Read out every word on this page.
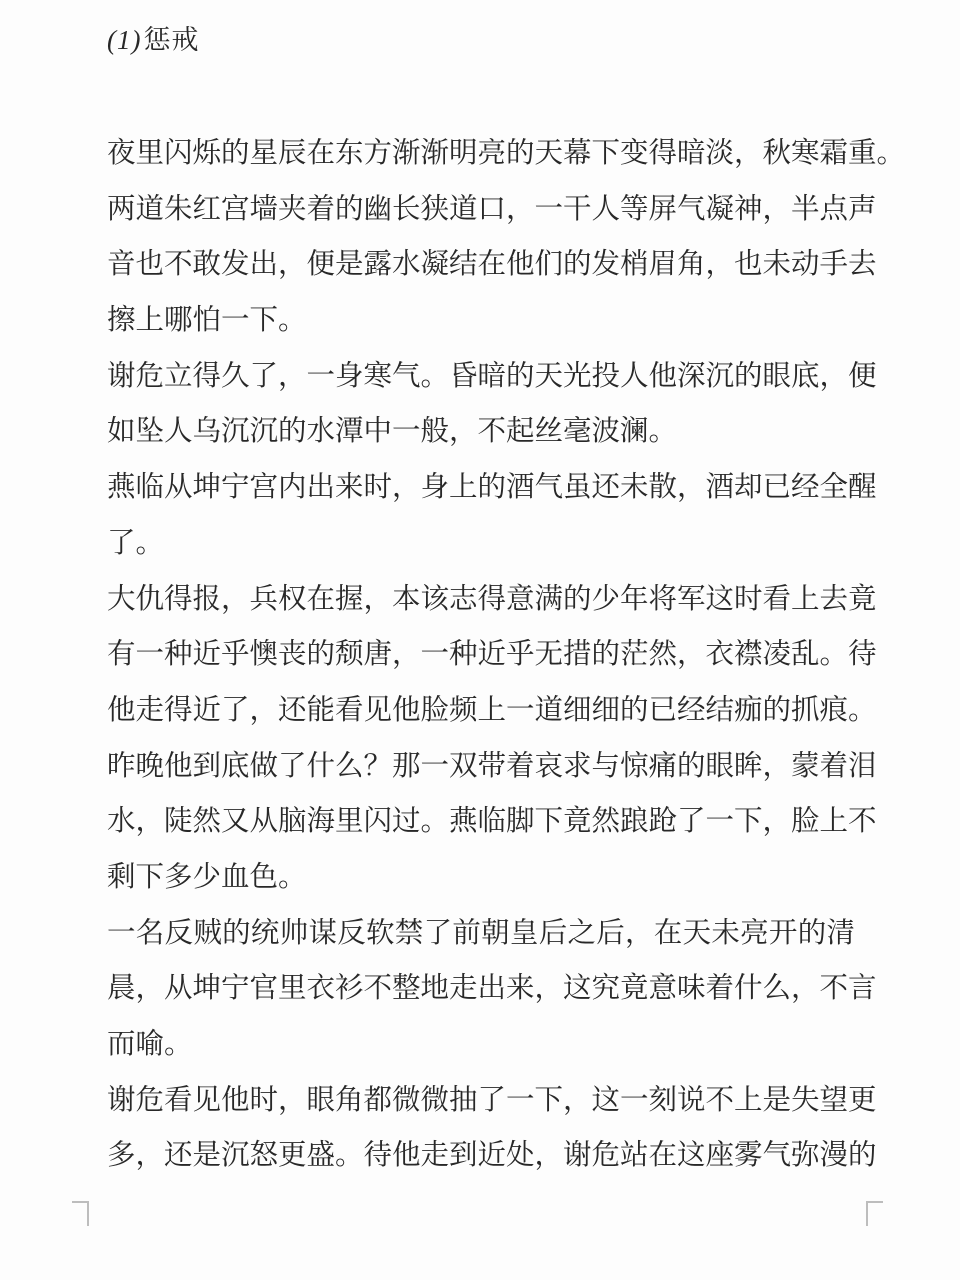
(1)惩戒
夜里闪烁的星辰在东方渐渐明亮的天幕下变得暗淡，秋寒霜重。
两道朱红宫墙夹着的幽长狭道口，一干人等屏气凝神，半点声
音也不敢发出，便是露水凝结在他们的发梢眉角，也未动手去
擦上哪怕一下。
谢危立得久了，一身寒气。昏暗的天光投人他深沉的眼底，便
如坠人乌沉沉的水潭中一般，不起丝毫波澜。
燕临从坤宁宫内出来时，身上的酒气虽还未散，酒却已经全醒
了。
大仇得报，兵权在握，本该志得意满的少年将军这时看上去竟
有一种近乎懊丧的颓唐，一种近乎无措的茫然，衣襟凌乱。待
他走得近了，还能看见他脸频上一道细细的已经结痂的抓痕。
昨晚他到底做了什么？那一双带着哀求与惊痛的眼眸，蒙着泪
水，陡然又从脑海里闪过。燕临脚下竟然踉跄了一下，脸上不
剩下多少血色。
一名反贼的统帅谋反软禁了前朝皇后之后，在天未亮开的清
晨，从坤宁官里衣衫不整地走出来，这究竟意味着什么，不言
而喻。
谢危看见他时，眼角都微微抽了一下，这一刻说不上是失望更
多，还是沉怒更盛。待他走到近处，谢危站在这座雾气弥漫的
